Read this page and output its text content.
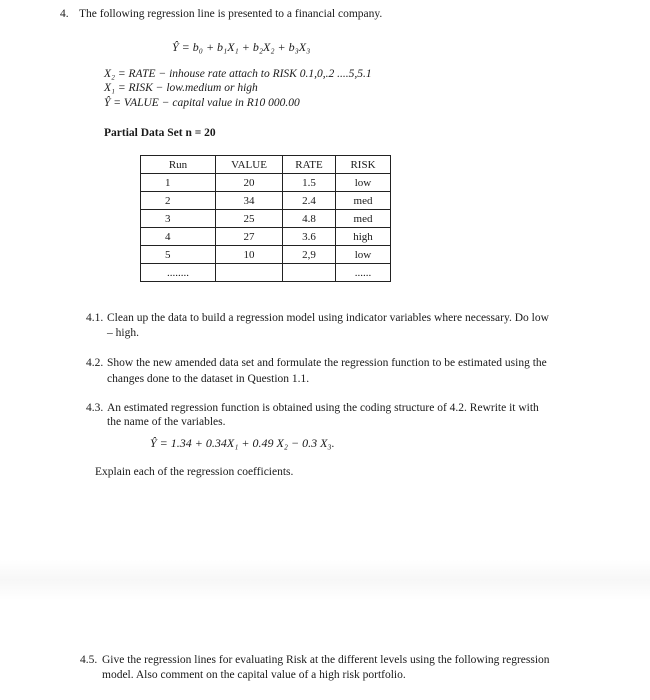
4. The following regression line is presented to a financial company.
Ŷ = b₀ + b₁X₁ + b₂X₂ + b₃X₃
X₂ = RATE − inhouse rate attach to RISK 0.1,0,.2 ....5,5.1
X₁ = RISK − low.medium or high
Ŷ = VALUE − capital value in R10 000.00
Partial Data Set n = 20
Run	VALUE	RATE	RISK
1	20	1.5	low
2	34	2.4	med
3	25	4.8	med
4	27	3.6	high
5	10	2,9	low
........			......
4.1. Clean up the data to build a regression model using indicator variables where necessary. Do low
– high.
4.2. Show the new amended data set and formulate the regression function to be estimated using the
changes done to the dataset in Question 1.1.
4.3. An estimated regression function is obtained using the coding structure of 4.2. Rewrite it with
the name of the variables.
Ŷ = 1.34 + 0.34X₁ + 0.49 X₂ − 0.3 X₃.
Explain each of the regression coefficients.
4.5. Give the regression lines for evaluating Risk at the different levels using the following regression
model. Also comment on the capital value of a high risk portfolio.
